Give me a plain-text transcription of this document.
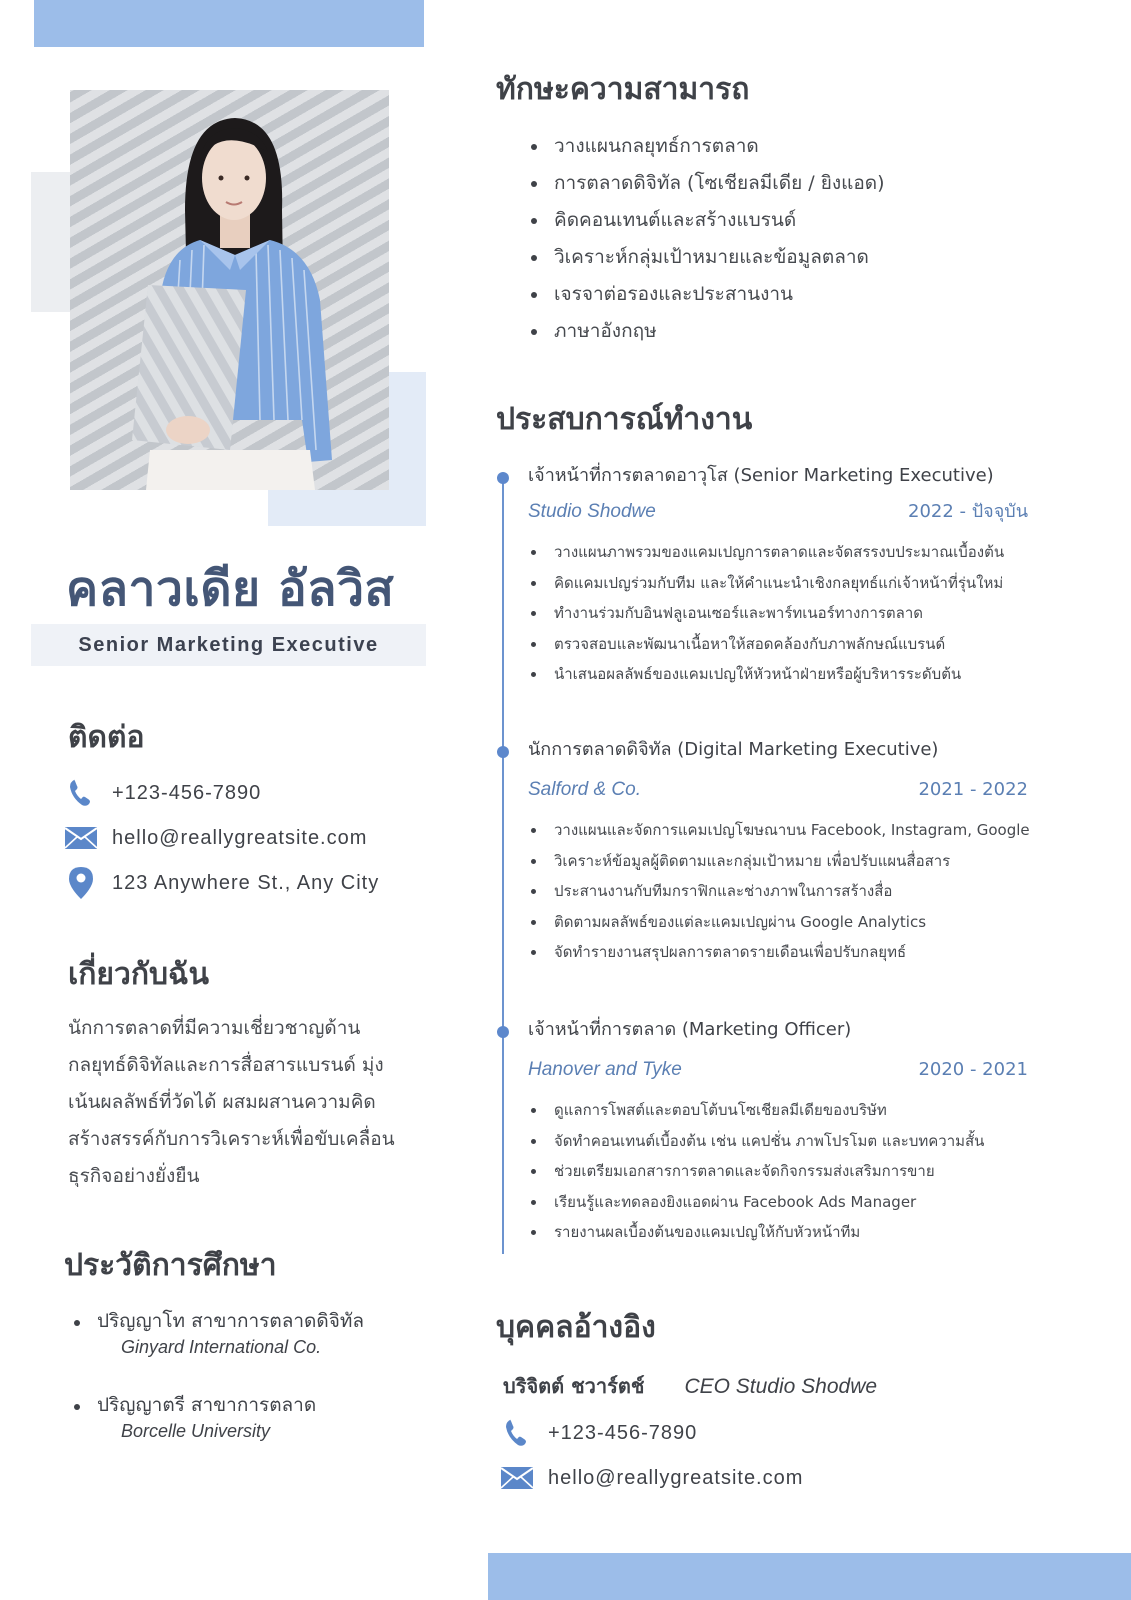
คลาวเดีย อัลวิส
Senior Marketing Executive
ติดต่อ
+123-456-7890
hello@reallygreatsite.com
123 Anywhere St., Any City
เกี่ยวกับฉัน
นักการตลาดที่มีความเชี่ยวชาญด้านกลยุทธ์ดิจิทัลและการสื่อสารแบรนด์ มุ่งเน้นผลลัพธ์ที่วัดได้ ผสมผสานความคิดสร้างสรรค์กับการวิเคราะห์เพื่อขับเคลื่อนธุรกิจอย่างยั่งยืน
ประวัติการศึกษา
ปริญญาโท สาขาการตลาดดิจิทัล
Ginyard International Co.
ปริญญาตรี สาขาการตลาด
Borcelle University
ทักษะความสามารถ
วางแผนกลยุทธ์การตลาด
การตลาดดิจิทัล (โซเชียลมีเดีย / ยิงแอด)
คิดคอนเทนต์และสร้างแบรนด์
วิเคราะห์กลุ่มเป้าหมายและข้อมูลตลาด
เจรจาต่อรองและประสานงาน
ภาษาอังกฤษ
ประสบการณ์ทำงาน
เจ้าหน้าที่การตลาดอาวุโส (Senior Marketing Executive)
Studio Shodwe	2022 - ปัจจุบัน
วางแผนภาพรวมของแคมเปญการตลาดและจัดสรรงบประมาณเบื้องต้น
คิดแคมเปญร่วมกับทีม และให้คำแนะนำเชิงกลยุทธ์แก่เจ้าหน้าที่รุ่นใหม่
ทำงานร่วมกับอินฟลูเอนเซอร์และพาร์ทเนอร์ทางการตลาด
ตรวจสอบและพัฒนาเนื้อหาให้สอดคล้องกับภาพลักษณ์แบรนด์
นำเสนอผลลัพธ์ของแคมเปญให้หัวหน้าฝ่ายหรือผู้บริหารระดับต้น
นักการตลาดดิจิทัล (Digital Marketing Executive)
Salford & Co.	2021 - 2022
วางแผนและจัดการแคมเปญโฆษณาบน Facebook, Instagram, Google
วิเคราะห์ข้อมูลผู้ติดตามและกลุ่มเป้าหมาย เพื่อปรับแผนสื่อสาร
ประสานงานกับทีมกราฟิกและช่างภาพในการสร้างสื่อ
ติดตามผลลัพธ์ของแต่ละแคมเปญผ่าน Google Analytics
จัดทำรายงานสรุปผลการตลาดรายเดือนเพื่อปรับกลยุทธ์
เจ้าหน้าที่การตลาด (Marketing Officer)
Hanover and Tyke	2020 - 2021
ดูแลการโพสต์และตอบโต้บนโซเชียลมีเดียของบริษัท
จัดทำคอนเทนต์เบื้องต้น เช่น แคปชั่น ภาพโปรโมต และบทความสั้น
ช่วยเตรียมเอกสารการตลาดและจัดกิจกรรมส่งเสริมการขาย
เรียนรู้และทดลองยิงแอดผ่าน Facebook Ads Manager
รายงานผลเบื้องต้นของแคมเปญให้กับหัวหน้าทีม
บุคคลอ้างอิง
บริจิตต์ ชวาร์ตช์ CEO Studio Shodwe
+123-456-7890
hello@reallygreatsite.com
